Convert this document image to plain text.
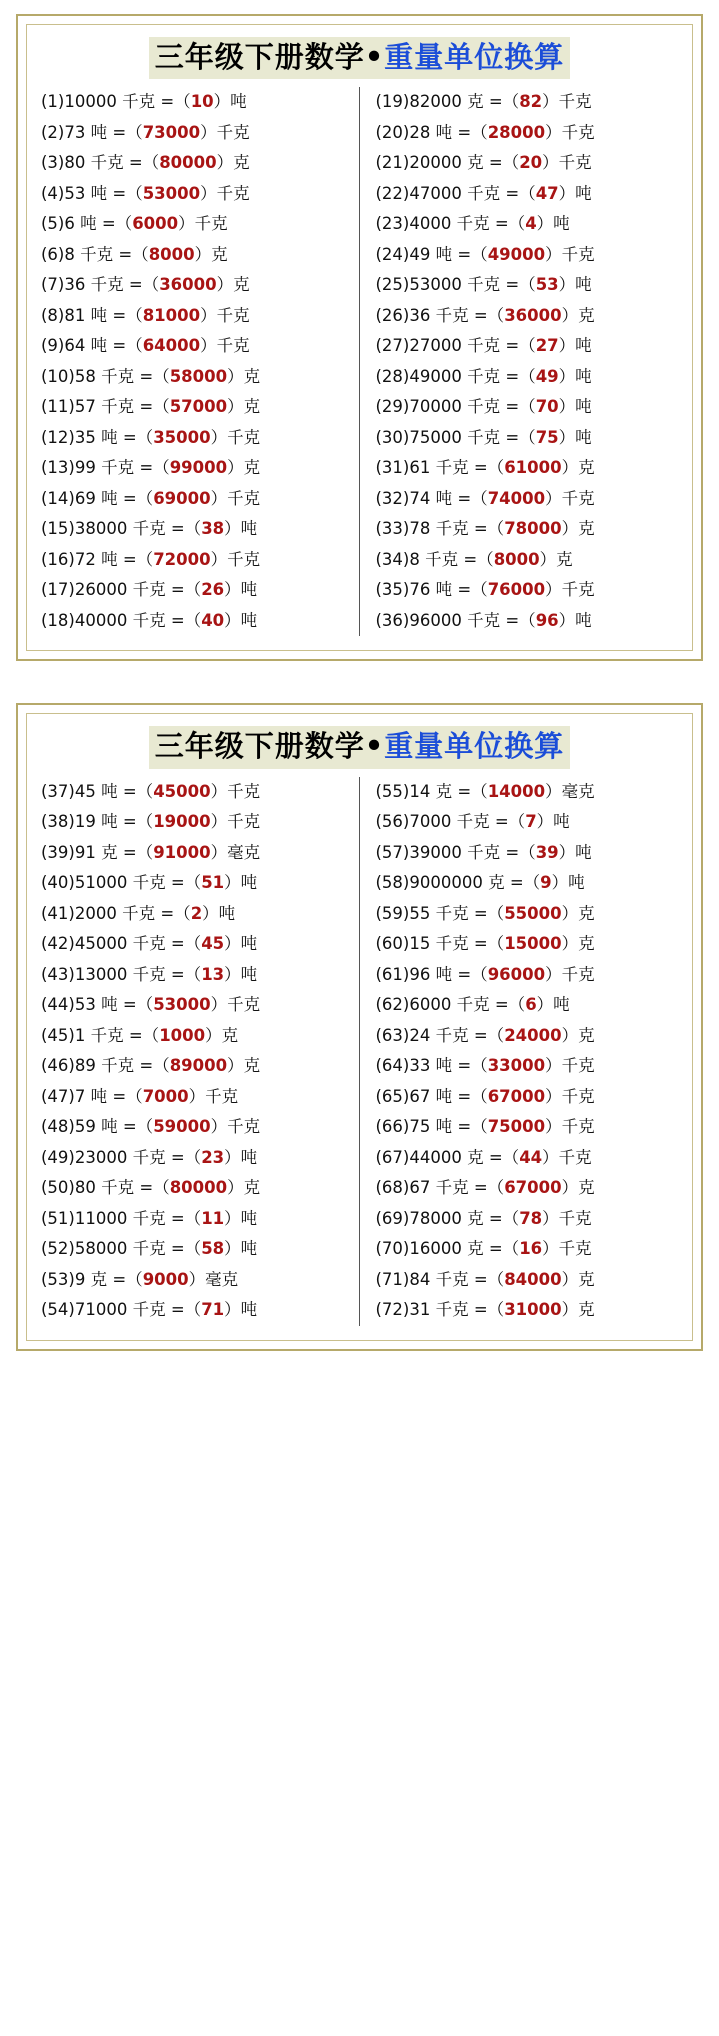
三年级下册数学•重量单位换算
(1)10000 千克 =（10）吨
(2)73 吨 =（73000）千克
(3)80 千克 =（80000）克
(4)53 吨 =（53000）千克
(5)6 吨 =（6000）千克
(6)8 千克 =（8000）克
(7)36 千克 =（36000）克
(8)81 吨 =（81000）千克
(9)64 吨 =（64000）千克
(10)58 千克 =（58000）克
(11)57 千克 =（57000）克
(12)35 吨 =（35000）千克
(13)99 千克 =（99000）克
(14)69 吨 =（69000）千克
(15)38000 千克 =（38）吨
(16)72 吨 =（72000）千克
(17)26000 千克 =（26）吨
(18)40000 千克 =（40）吨
(19)82000 克 =（82）千克
(20)28 吨 =（28000）千克
(21)20000 克 =（20）千克
(22)47000 千克 =（47）吨
(23)4000 千克 =（4）吨
(24)49 吨 =（49000）千克
(25)53000 千克 =（53）吨
(26)36 千克 =（36000）克
(27)27000 千克 =（27）吨
(28)49000 千克 =（49）吨
(29)70000 千克 =（70）吨
(30)75000 千克 =（75）吨
(31)61 千克 =（61000）克
(32)74 吨 =（74000）千克
(33)78 千克 =（78000）克
(34)8 千克 =（8000）克
(35)76 吨 =（76000）千克
(36)96000 千克 =（96）吨
三年级下册数学•重量单位换算
(37)45 吨 =（45000）千克
(38)19 吨 =（19000）千克
(39)91 克 =（91000）毫克
(40)51000 千克 =（51）吨
(41)2000 千克 =（2）吨
(42)45000 千克 =（45）吨
(43)13000 千克 =（13）吨
(44)53 吨 =（53000）千克
(45)1 千克 =（1000）克
(46)89 千克 =（89000）克
(47)7 吨 =（7000）千克
(48)59 吨 =（59000）千克
(49)23000 千克 =（23）吨
(50)80 千克 =（80000）克
(51)11000 千克 =（11）吨
(52)58000 千克 =（58）吨
(53)9 克 =（9000）毫克
(54)71000 千克 =（71）吨
(55)14 克 =（14000）毫克
(56)7000 千克 =（7）吨
(57)39000 千克 =（39）吨
(58)9000000 克 =（9）吨
(59)55 千克 =（55000）克
(60)15 千克 =（15000）克
(61)96 吨 =（96000）千克
(62)6000 千克 =（6）吨
(63)24 千克 =（24000）克
(64)33 吨 =（33000）千克
(65)67 吨 =（67000）千克
(66)75 吨 =（75000）千克
(67)44000 克 =（44）千克
(68)67 千克 =（67000）克
(69)78000 克 =（78）千克
(70)16000 克 =（16）千克
(71)84 千克 =（84000）克
(72)31 千克 =（31000）克
